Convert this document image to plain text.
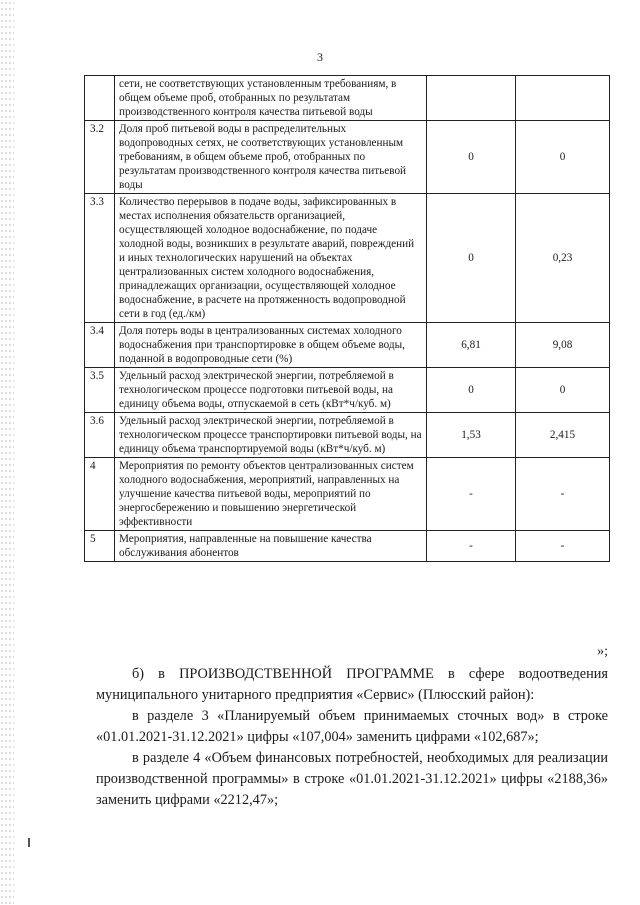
3
	сети, не соответствующих установленным требованиям, в общем объеме проб, отобранных по результатам производственного контроля качества питьевой воды		
3.2	Доля проб питьевой воды в распределительных водопроводных сетях, не соответствующих установленным требованиям, в общем объеме проб, отобранных по результатам производственного контроля качества питьевой воды	0	0
3.3	Количество перерывов в подаче воды, зафиксированных в местах исполнения обязательств организацией, осуществляющей холодное водоснабжение, по подаче холодной воды, возникших в результате аварий, повреждений и иных технологических нарушений на объектах централизованных систем холодного водоснабжения, принадлежащих организации, осуществляющей холодное водоснабжение, в расчете на протяженность водопроводной сети в год (ед./км)	0	0,23
3.4	Доля потерь воды в централизованных системах холодного водоснабжения при транспортировке в общем объеме воды, поданной в водопроводные сети (%)	6,81	9,08
3.5	Удельный расход электрической энергии, потребляемой в технологическом процессе подготовки питьевой воды, на единицу объема воды, отпускаемой в сеть (кВт*ч/куб. м)	0	0
3.6	Удельный расход электрической энергии, потребляемой в технологическом процессе транспортировки питьевой воды, на единицу объема транспортируемой воды (кВт*ч/куб. м)	1,53	2,415
4	Мероприятия по ремонту объектов централизованных систем холодного водоснабжения, мероприятий, направленных на улучшение качества питьевой воды, мероприятий по энергосбережению и повышению энергетической эффективности	-	-
5	Мероприятия, направленные на повышение качества обслуживания абонентов	-	-
»;

б) в ПРОИЗВОДСТВЕННОЙ ПРОГРАММЕ в сфере водоотведения муниципального унитарного предприятия «Сервис» (Плюсский район):

в разделе 3 «Планируемый объем принимаемых сточных вод» в строке «01.01.2021-31.12.2021» цифры «107,004» заменить цифрами «102,687»;

в разделе 4 «Объем финансовых потребностей, необходимых для реализации производственной программы» в строке «01.01.2021-31.12.2021» цифры «2188,36» заменить цифрами «2212,47»;
